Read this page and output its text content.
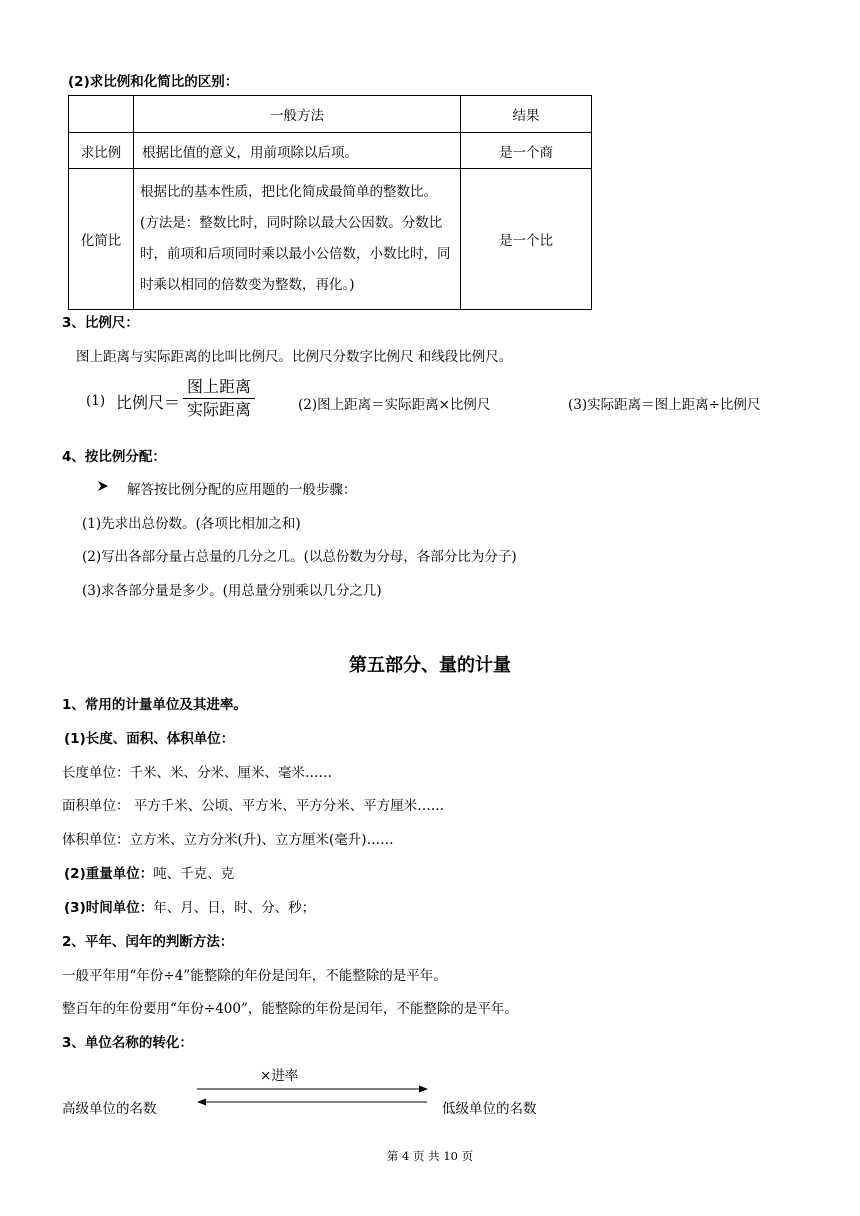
(2)求比例和化简比的区别：
	一般方法	结果
求比例	根据比值的意义，用前项除以后项。	是一个商
化简比	根据比的基本性质，把比化简成最简单的整数比。(方法是：整数比时，同时除以最大公因数。分数比时，前项和后项同时乘以最小公倍数，小数比时，同时乘以相同的倍数变为整数，再化。)	是一个比
3、比例尺：
图上距离与实际距离的比叫比例尺。比例尺分数字比例尺 和线段比例尺。
(1) 比例尺＝
图上距离
实际距离	(2)图上距离＝实际距离×比例尺	(3)实际距离＝图上距离÷比例尺
4、按比例分配：
解答按比例分配的应用题的一般步骤：
(1)先求出总份数。(各项比相加之和)
(2)写出各部分量占总量的几分之几。(以总份数为分母，各部分比为分子)
(3)求各部分量是多少。(用总量分别乘以几分之几)
第五部分、量的计量
1、常用的计量单位及其进率。
(1)长度、面积、体积单位：
长度单位：千米、米、分米、厘米、毫米……
面积单位： 平方千米、公顷、平方米、平方分米、平方厘米……
体积单位：立方米、立方分米(升)、立方厘米(毫升)……
(2)重量单位：吨、千克、克
(3)时间单位：年、月、日，时、分、秒；
2、平年、闰年的判断方法：
一般平年用“年份÷4”能整除的年份是闰年，不能整除的是平年。
整百年的年份要用“年份÷400”，能整除的年份是闰年，不能整除的是平年。
3、单位名称的转化：
×进率
高级单位的名数	低级单位的名数
第 4 页 共 10 页
